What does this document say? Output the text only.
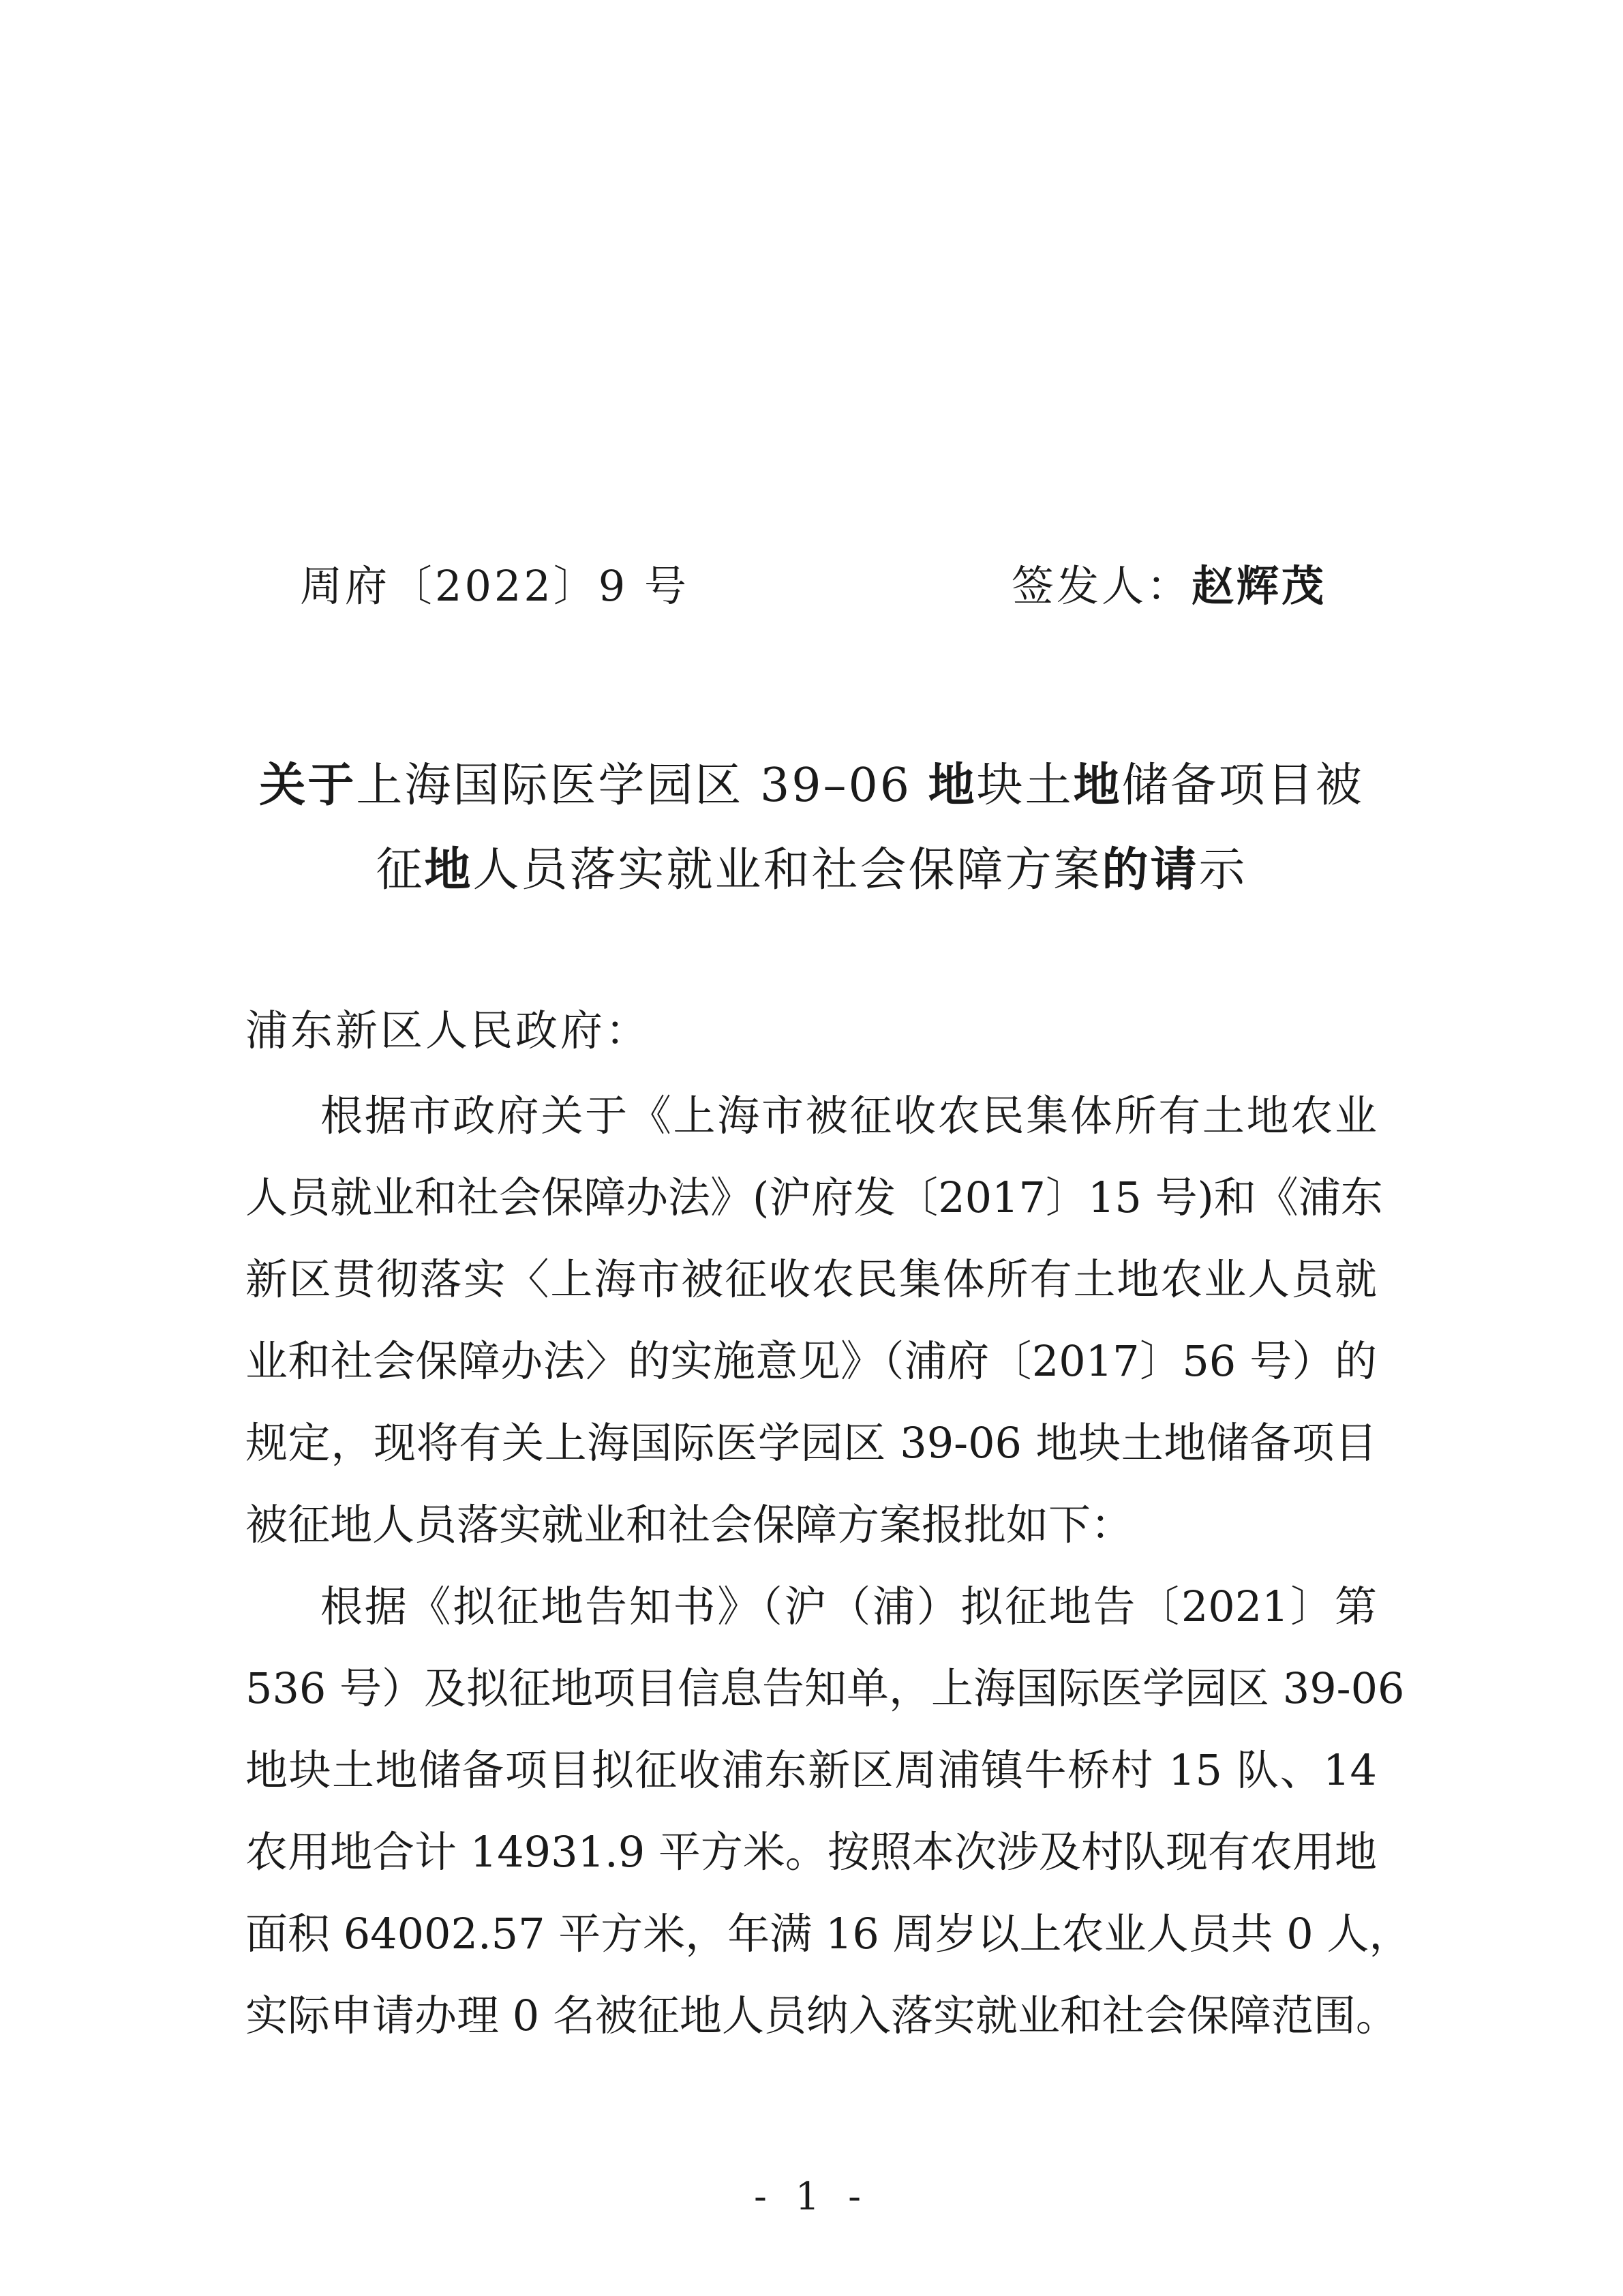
周府〔2022〕9 号	签发人：赵辉茂
关于上海国际医学园区 39–06 地块土地储备项目被
征地人员落实就业和社会保障方案的请示
浦东新区人民政府：
根据市政府关于《上海市被征收农民集体所有土地农业
人员就业和社会保障办法》(沪府发〔2017〕15 号)和《浦东
新区贯彻落实〈上海市被征收农民集体所有土地农业人员就
业和社会保障办法〉的实施意见》（浦府〔2017〕56 号）的
规定，现将有关上海国际医学园区 39-06 地块土地储备项目
被征地人员落实就业和社会保障方案报批如下：
根据《拟征地告知书》（沪（浦）拟征地告〔2021〕第
536 号）及拟征地项目信息告知单，上海国际医学园区 39-06
地块土地储备项目拟征收浦东新区周浦镇牛桥村 15 队、14
农用地合计 14931.9 平方米。按照本次涉及村队现有农用地
面积 64002.57 平方米，年满 16 周岁以上农业人员共 0 人，
实际申请办理 0 名被征地人员纳入落实就业和社会保障范围。
- 1 -
